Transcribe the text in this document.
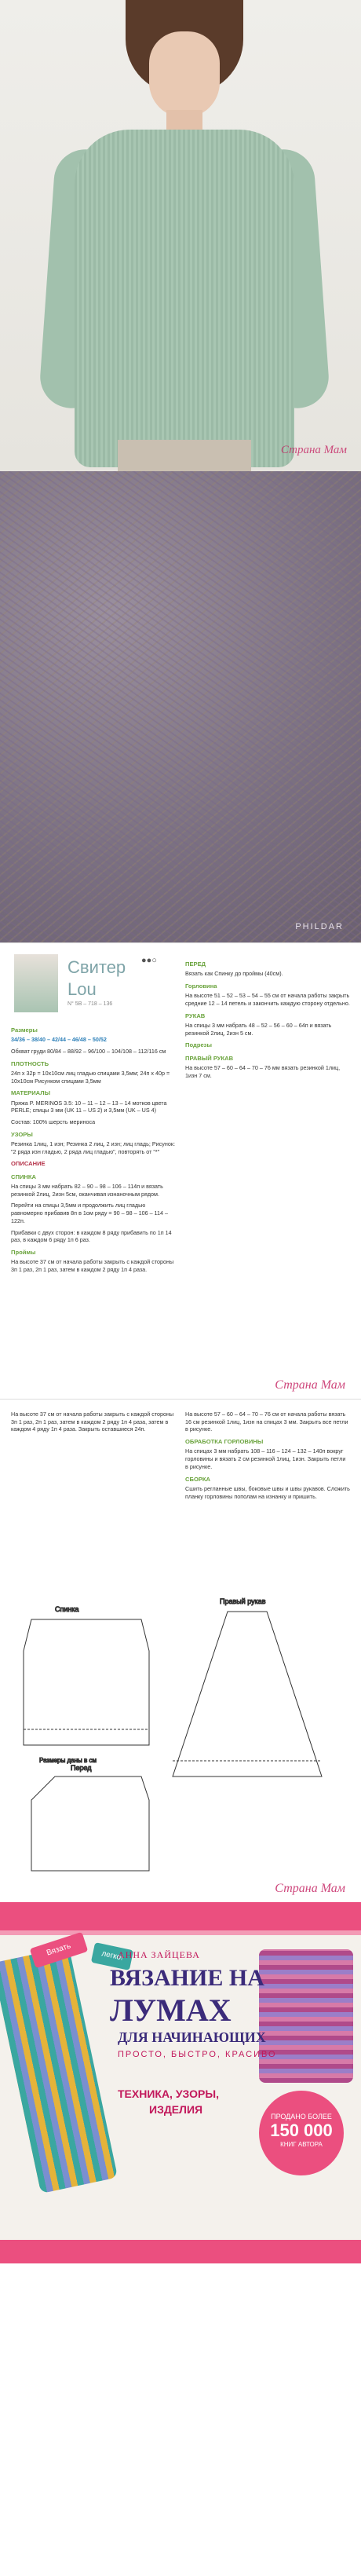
Страна Мам
PHILDAR
●●○
Свитер
Lou
N° 5B – 718 – 136
Размеры

34/36 – 38/40 – 42/44 – 46/48 – 50/52

Обхват груди 80/84 – 88/92 – 96/100 – 104/108 – 112/116 см

ПЛОТНОСТЬ

24п х 32р = 10х10см лиц гладью спицами 3,5мм; 24п х 40р = 10х10см Рисунком спицами 3,5мм

МАТЕРИАЛЫ

Пряжа P. MERINOS 3.5: 10 – 11 – 12 – 13 – 14 мотков цвета PERLE; спицы 3 мм (UK 11 – US 2) и 3,5мм (UK – US 4)

Состав: 100% шерсть мериноса

УЗОРЫ

Резинка 1лиц, 1 изн; Резинка 2 лиц, 2 изн; лиц гладь; Рисунок: "2 ряда изн гладью, 2 ряда лиц гладью", повторять от "*"

ОПИСАНИЕ
СПИНКА

На спицы 3 мм набрать 82 – 90 – 98 – 106 – 114п и вязать резинкой 2лиц, 2изн 5см, оканчивая изнаночным рядом.

Перейти на спицы 3,5мм и продолжить лиц гладью равномерно прибавив 8п в 1ом ряду = 90 – 98 – 106 – 114 – 122п.

Прибавки с двух сторон: в каждом 8 ряду прибавить по 1п 14 раз, в каждом 6 ряду 1п 6 раз.

Проймы

На высоте 37 см от начала работы закрыть с каждой стороны 3п 1 раз, 2п 1 раз, затем в каждом 2 ряду 1п 4 раза.

ПЕРЕД

Вязать как Спинку до проймы (40см).

Горловина

На высоте 51 – 52 – 53 – 54 – 55 см от начала работы закрыть средние 12 – 14 петель и закончить каждую сторону отдельно.

РУКАВ

На спицы 3 мм набрать 48 – 52 – 56 – 60 – 64п и вязать резинкой 2лиц, 2изн 5 см.

Подрезы
ПРАВЫЙ РУКАВ

На высоте 57 – 60 – 64 – 70 – 76 мм вязать резинкой 1лиц, 1изн 7 см.

Страна Мам

На высоте 37 см от начала работы закрыть с каждой стороны 3п 1 раз, 2п 1 раз, затем в каждом 2 ряду 1п 4 раза, затем в каждом 4 ряду 1п 4 раза. Закрыть оставшиеся 24п.

На высоте 57 – 60 – 64 – 70 – 76 см от начала работы вязать 16 см резинкой 1лиц, 1изн на спицах 3 мм. Закрыть все петли в рисунке.

ОБРАБОТКА ГОРЛОВИНЫ

На спицах 3 мм набрать 108 – 116 – 124 – 132 – 140п вокруг горловины и вязать 2 см резинкой 1лиц, 1изн. Закрыть петли в рисунке.

СБОРКА

Сшить регланные швы, боковые швы и швы рукавов. Сложить планку горловины пополам на изнанку и пришить.

Спинка
Перед
Правый рукав
Размеры даны в см
Страна Мам
Вязать	легко!
АННА ЗАЙЦЕВА
ВЯЗАНИЕ НА
ЛУМАХ
ДЛЯ НАЧИНАЮЩИХ
ПРОСТО, БЫСТРО, КРАСИВО
ТЕХНИКА, УЗОРЫ,
ИЗДЕЛИЯ
ПРОДАНО БОЛЕЕ
150 000
КНИГ АВТОРА
